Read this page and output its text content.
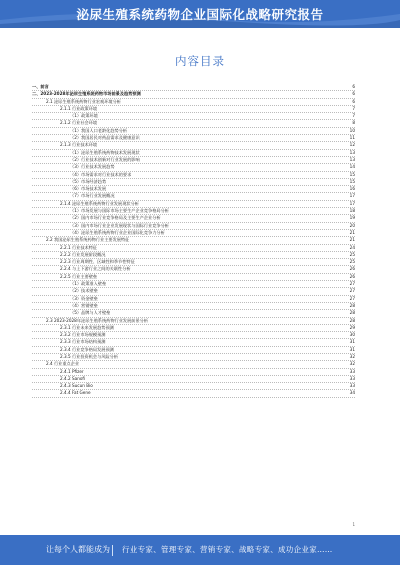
泌尿生殖系统药物企业国际化战略研究报告
内容目录
一、前言	6
二、2023-2028年泌尿生殖系统药物市场前景及趋势预测	6
2.1 泌尿生殖系统药物行业宏观环境分析	6
2.1.1 行业政策环境	7
（1）政策环境	7
2.1.2 行业社会环境	8
（1）我国人口老龄化趋势分析	10
（2）我国居民对药品需求及健康意识	11
2.1.3 行业技术环境	12
（1）泌尿生殖系统药物技术发展现状	13
（2）行业技术创新对行业发展的影响	13
（3）行业技术发展趋势	14
（4）市场需求对行业技术的要求	15
（5）市场经济趋势	15
（6）市场技术发展	16
（7）市场行业发展概况	17
2.1.4 泌尿生殖系统药物行业发展现状分析	17
（1）市场发展与国际市场主要生产企业竞争格局分析	18
（2）国内市场行业竞争格局及主要生产企业分析	19
（3）国内市场行业企业发展现状与国际行业竞争分析	20
（4）泌尿生殖系统药物行业企业国际化竞争力分析	21
2.2 我国泌尿生殖系统药物行业主要发展特征	21
2.2.1 行业技术特征	24
2.2.2 行业发展阶段概况	25
2.2.3 行业周期性、区域性和季节性特征	25
2.2.4 与上下游行业之间的关联性分析	26
2.2.5 行业主要壁垒	26
（1）政策准入壁垒	27
（2）技术壁垒	27
（3）资金壁垒	27
（4）营销壁垒	28
（5）品牌与人才壁垒	28
2.3 2023-2028年泌尿生殖系统药物行业发展前景分析	28
2.3.1 行业未来发展趋势预测	29
2.3.2 行业市场规模预测	30
2.3.3 行业市场结构预测	31
2.3.4 行业竞争格局发展预测	31
2.3.5 行业投资机会与风险分析	32
2.4 行业重点企业	32
2.4.1 Pfizer	33
2.4.2 Sanofi	33
2.4.3 Sucun Bio	33
2.4.4 Fat Gene	34
1
让每个人都能成为 行业专家、管理专家、营销专家、战略专家、成功企业家……
